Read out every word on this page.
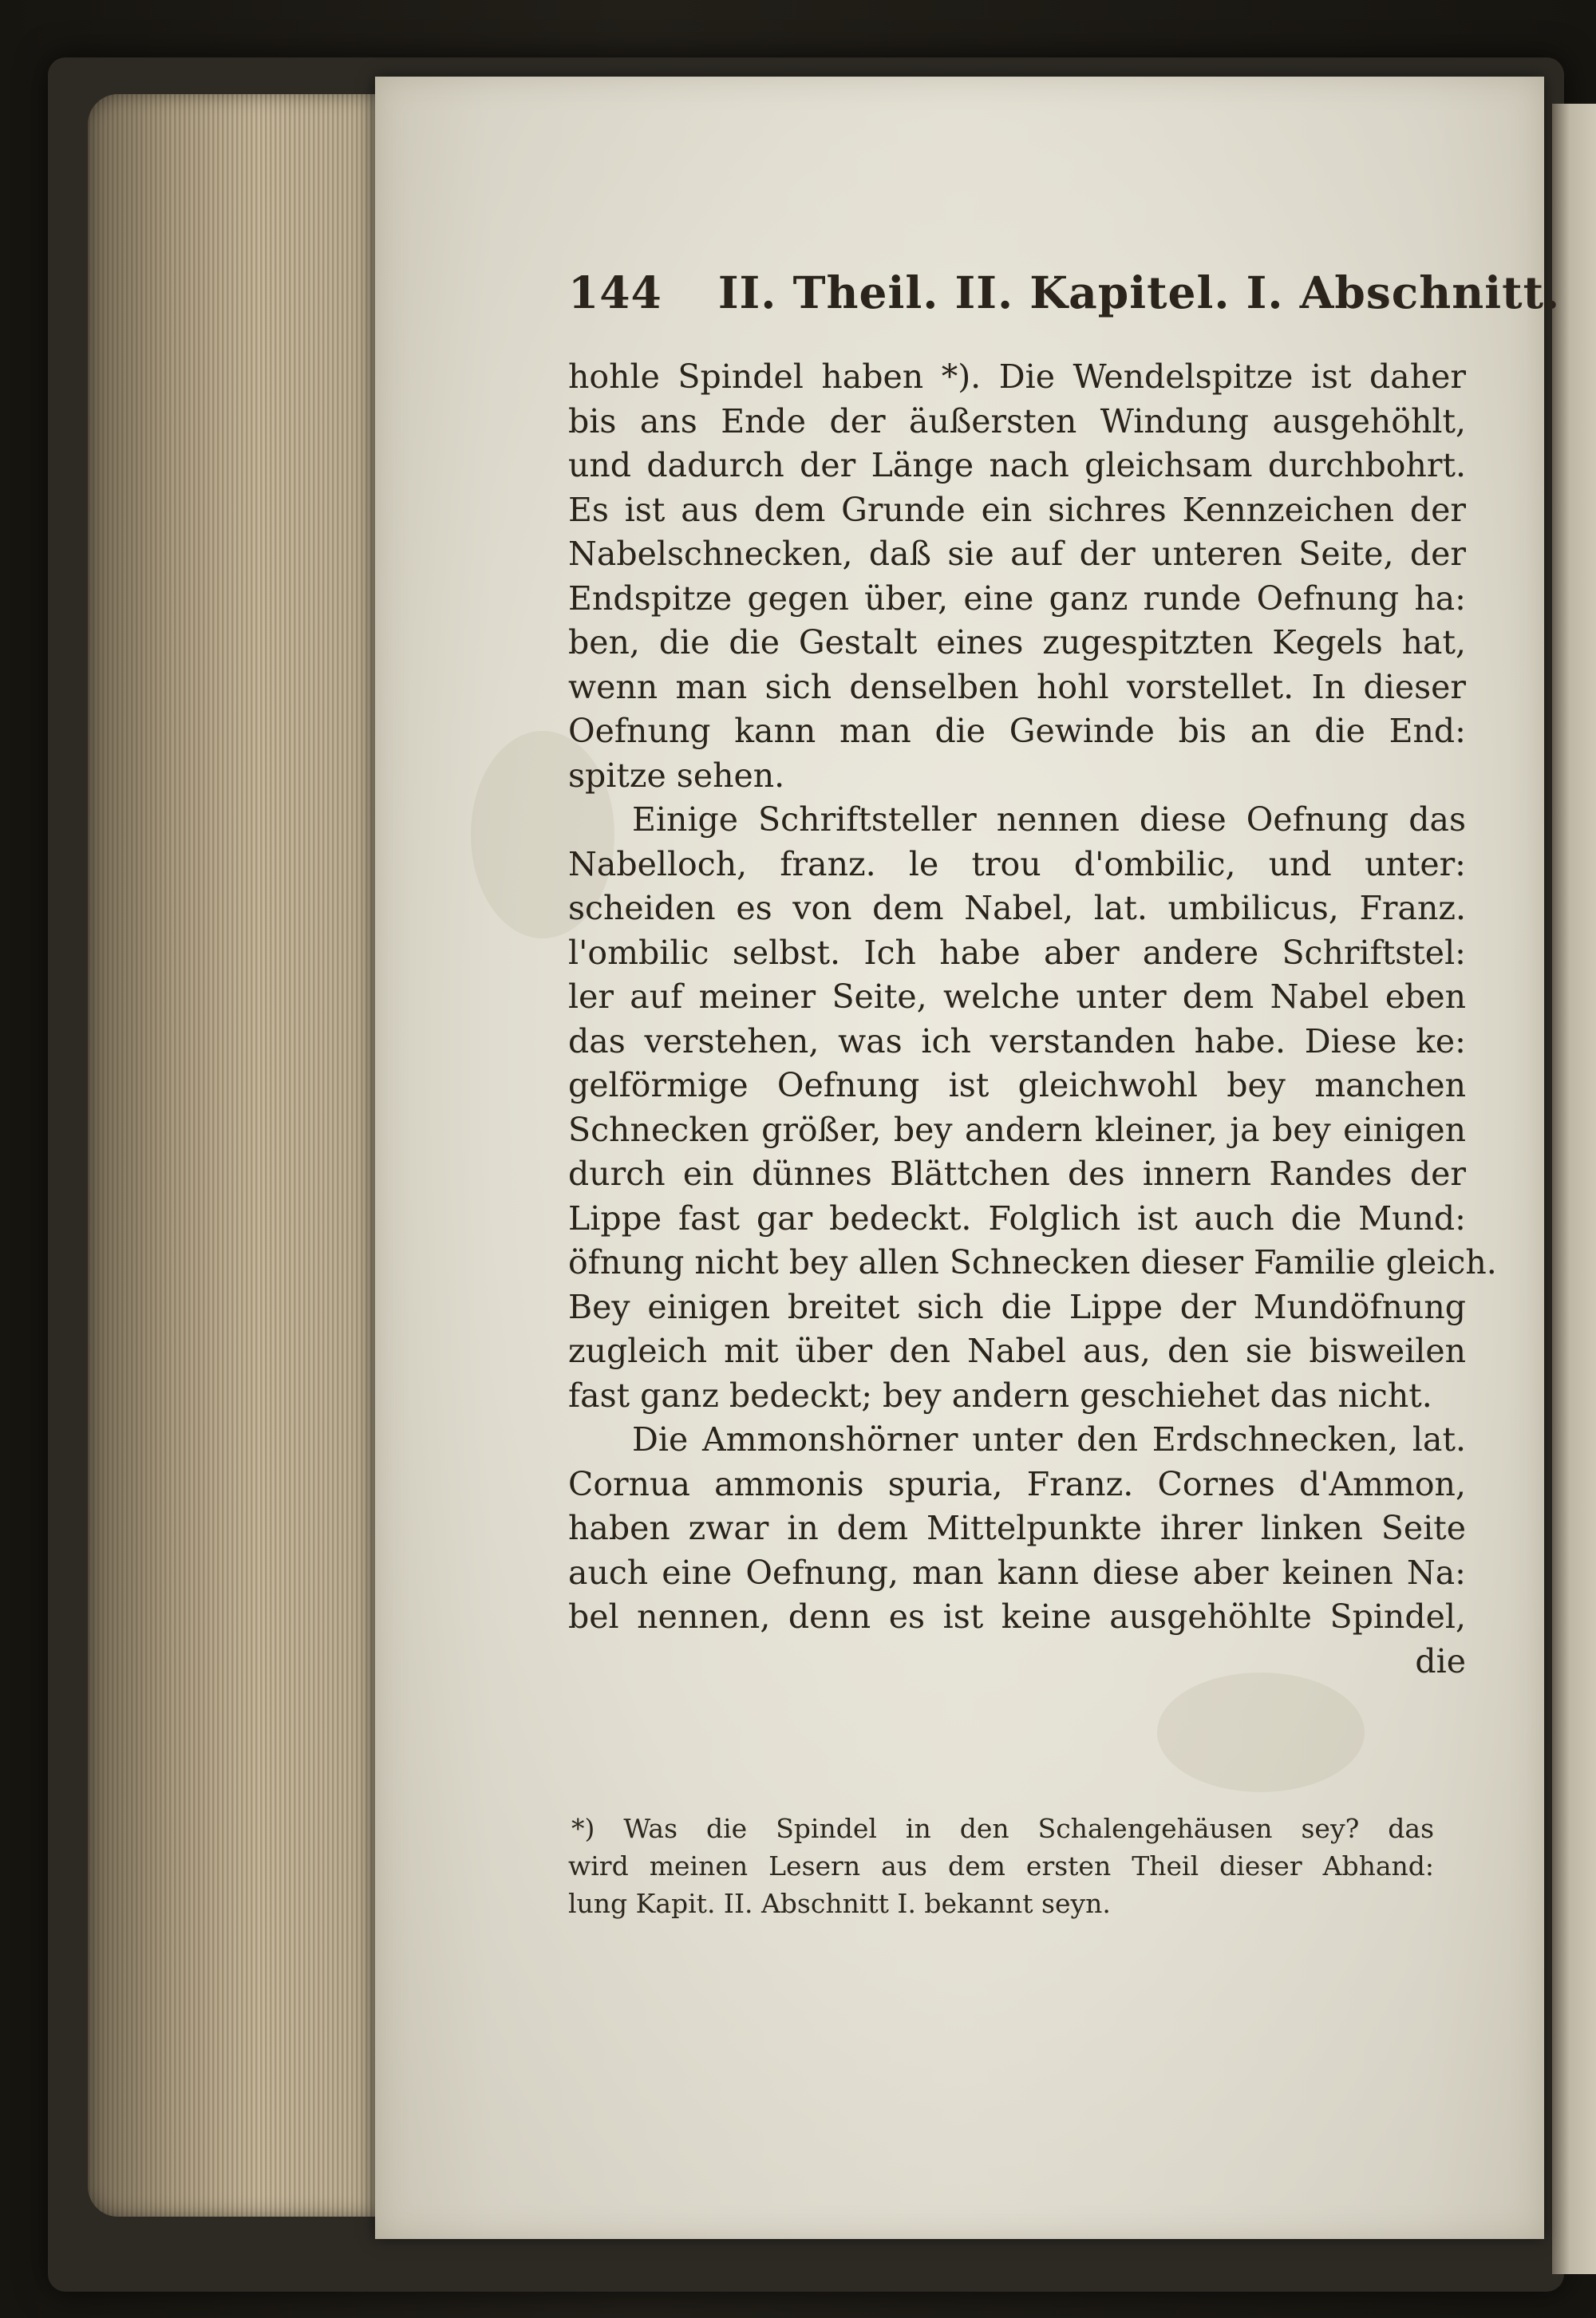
144 II. Theil. II. Kapitel. I. Abschnitt.
hohle Spindel haben *). Die Wendelspitze ist daher
bis ans Ende der äußersten Windung ausgehöhlt,
und dadurch der Länge nach gleichsam durchbohrt.
Es ist aus dem Grunde ein sichres Kennzeichen der
Nabelschnecken, daß sie auf der unteren Seite, der
Endspitze gegen über, eine ganz runde Oefnung ha:
ben, die die Gestalt eines zugespitzten Kegels hat,
wenn man sich denselben hohl vorstellet. In dieser
Oefnung kann man die Gewinde bis an die End:
spitze sehen.
Einige Schriftsteller nennen diese Oefnung das
Nabelloch, franz. le trou d'ombilic, und unter:
scheiden es von dem Nabel, lat. umbilicus, Franz.
l'ombilic selbst. Ich habe aber andere Schriftstel:
ler auf meiner Seite, welche unter dem Nabel eben
das verstehen, was ich verstanden habe. Diese ke:
gelförmige Oefnung ist gleichwohl bey manchen
Schnecken größer, bey andern kleiner, ja bey einigen
durch ein dünnes Blättchen des innern Randes der
Lippe fast gar bedeckt. Folglich ist auch die Mund:
öfnung nicht bey allen Schnecken dieser Familie gleich.
Bey einigen breitet sich die Lippe der Mundöfnung
zugleich mit über den Nabel aus, den sie bisweilen
fast ganz bedeckt; bey andern geschiehet das nicht.
Die Ammonshörner unter den Erdschnecken, lat.
Cornua ammonis spuria, Franz. Cornes d'Ammon,
haben zwar in dem Mittelpunkte ihrer linken Seite
auch eine Oefnung, man kann diese aber keinen Na:
bel nennen, denn es ist keine ausgehöhlte Spindel,
die
*) Was die Spindel in den Schalengehäusen sey? das
wird meinen Lesern aus dem ersten Theil dieser Abhand:
lung Kapit. II. Abschnitt I. bekannt seyn.
